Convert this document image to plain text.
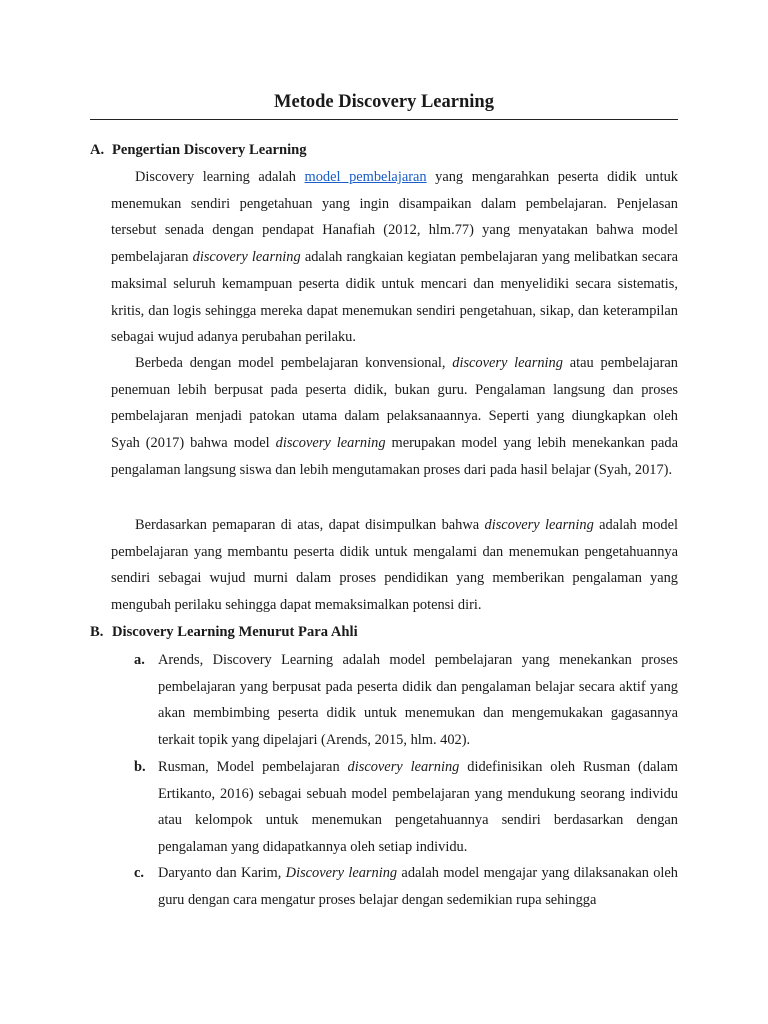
Metode Discovery Learning
A. Pengertian Discovery Learning

Discovery learning adalah model pembelajaran yang mengarahkan peserta didik untuk menemukan sendiri pengetahuan yang ingin disampaikan dalam pembelajaran. Penjelasan tersebut senada dengan pendapat Hanafiah (2012, hlm.77) yang menyatakan bahwa model pembelajaran discovery learning adalah rangkaian kegiatan pembelajaran yang melibatkan secara maksimal seluruh kemampuan peserta didik untuk mencari dan menyelidiki secara sistematis, kritis, dan logis sehingga mereka dapat menemukan sendiri pengetahuan, sikap, dan keterampilan sebagai wujud adanya perubahan perilaku.

Berbeda dengan model pembelajaran konvensional, discovery learning atau pembelajaran penemuan lebih berpusat pada peserta didik, bukan guru. Pengalaman langsung dan proses pembelajaran menjadi patokan utama dalam pelaksanaannya. Seperti yang diungkapkan oleh Syah (2017) bahwa model discovery learning merupakan model yang lebih menekankan pada pengalaman langsung siswa dan lebih mengutamakan proses dari pada hasil belajar (Syah, 2017).

Berdasarkan pemaparan di atas, dapat disimpulkan bahwa discovery learning adalah model pembelajaran yang membantu peserta didik untuk mengalami dan menemukan pengetahuannya sendiri sebagai wujud murni dalam proses pendidikan yang memberikan pengalaman yang mengubah perilaku sehingga dapat memaksimalkan potensi diri.

B. Discovery Learning Menurut Para Ahli
a. Arends, Discovery Learning adalah model pembelajaran yang menekankan proses pembelajaran yang berpusat pada peserta didik dan pengalaman belajar secara aktif yang akan membimbing peserta didik untuk menemukan dan mengemukakan gagasannya terkait topik yang dipelajari (Arends, 2015, hlm. 402).
b. Rusman, Model pembelajaran discovery learning didefinisikan oleh Rusman (dalam Ertikanto, 2016) sebagai sebuah model pembelajaran yang mendukung seorang individu atau kelompok untuk menemukan pengetahuannya sendiri berdasarkan dengan pengalaman yang didapatkannya oleh setiap individu.
c. Daryanto dan Karim, Discovery learning adalah model mengajar yang dilaksanakan oleh guru dengan cara mengatur proses belajar dengan sedemikian rupa sehingga
